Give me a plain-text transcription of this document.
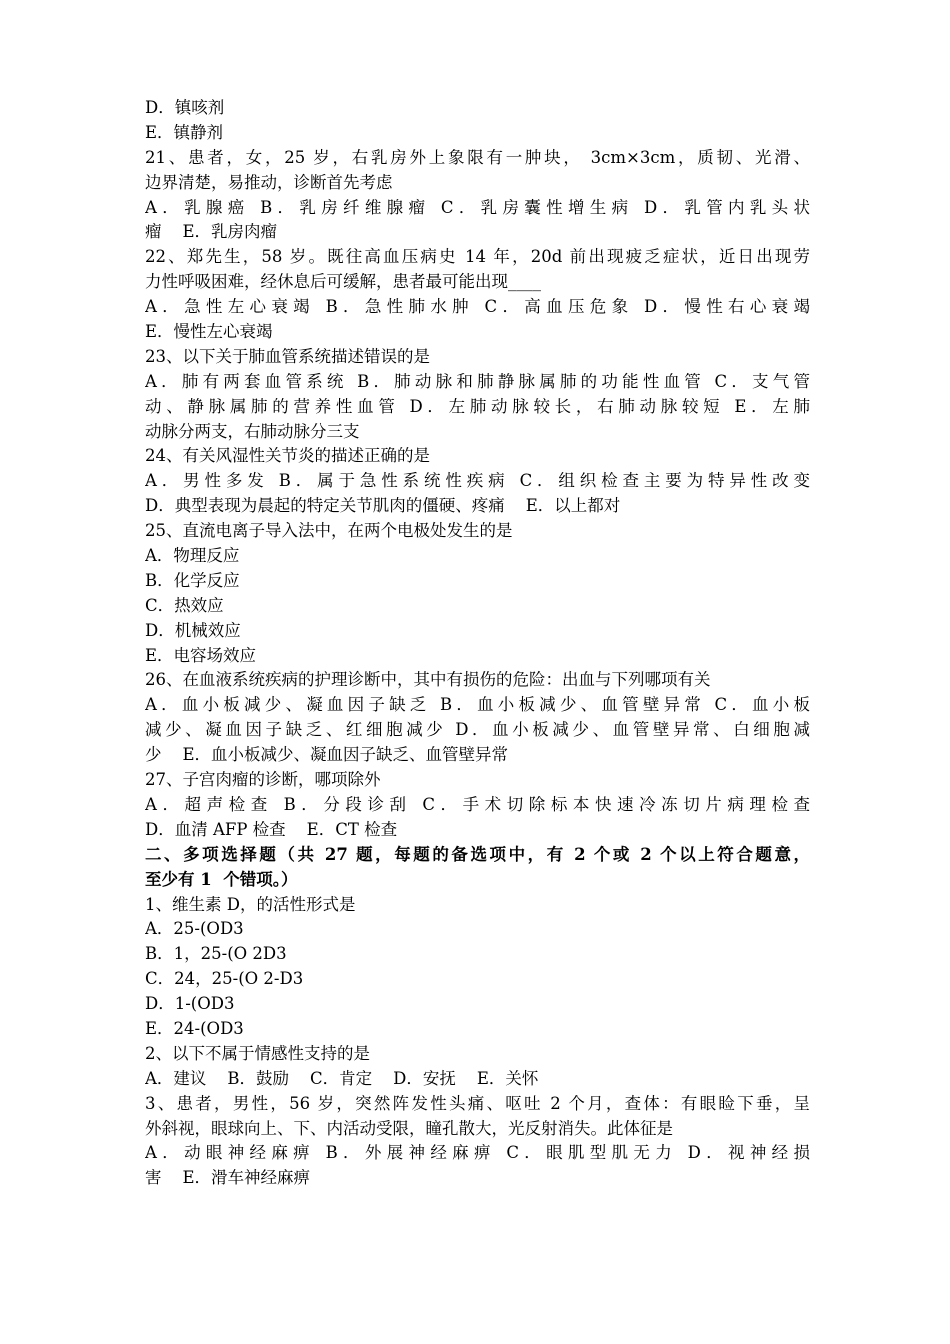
D．镇咳剂
E．镇静剂
21、患者，女，25 岁，右乳房外上象限有一肿块， 3cm×3cm，质韧、光滑、
边界清楚，易推动，诊断首先考虑
A．乳腺癌 B．乳房纤维腺瘤 C．乳房囊性增生病 D．乳管内乳头状
瘤    E．乳房肉瘤
22、郑先生，58 岁。既往高血压病史 14 年，20d 前出现疲乏症状，近日出现劳
力性呼吸困难，经休息后可缓解，患者最可能出现____
A．急性左心衰竭 B．急性肺水肿 C．高血压危象 D．慢性右心衰竭
E．慢性左心衰竭
23、以下关于肺血管系统描述错误的是
A．肺有两套血管系统 B．肺动脉和肺静脉属肺的功能性血管 C．支气管
动、静脉属肺的营养性血管 D．左肺动脉较长，右肺动脉较短 E．左肺
动脉分两支，右肺动脉分三支
24、有关风湿性关节炎的描述正确的是
A．男性多发 B．属于急性系统性疾病 C．组织检查主要为特异性改变
D．典型表现为晨起的特定关节肌肉的僵硬、疼痛    E．以上都对
25、直流电离子导入法中，在两个电极处发生的是
A．物理反应
B．化学反应
C．热效应
D．机械效应
E．电容场效应
26、在血液系统疾病的护理诊断中，其中有损伤的危险：出血与下列哪项有关
A．血小板减少、凝血因子缺乏 B．血小板减少、血管壁异常 C．血小板
减少、凝血因子缺乏、红细胞减少 D．血小板减少、血管壁异常、白细胞减
少    E．血小板减少、凝血因子缺乏、血管壁异常
27、子宫肉瘤的诊断，哪项除外
A．超声检查 B．分段诊刮 C．手术切除标本快速冷冻切片病理检查
D．血清 AFP 检查    E．CT 检查
二、多项选择题（共 27 题，每题的备选项中，有 2 个或 2 个以上符合题意，
至少有 1  个错项。）
1、维生素 D，的活性形式是
A．25-(OD3
B．1，25-(O 2D3
C．24，25-(O 2-D3
D．1-(OD3
E．24-(OD3
2、以下不属于情感性支持的是
A．建议    B．鼓励    C．肯定    D．安抚    E．关怀
3、患者，男性，56 岁，突然阵发性头痛、呕吐 2 个月，查体：有眼睑下垂，呈
外斜视，眼球向上、下、内活动受限，瞳孔散大，光反射消失。此体征是
A．动眼神经麻痹 B．外展神经麻痹 C．眼肌型肌无力 D．视神经损
害    E．滑车神经麻痹
